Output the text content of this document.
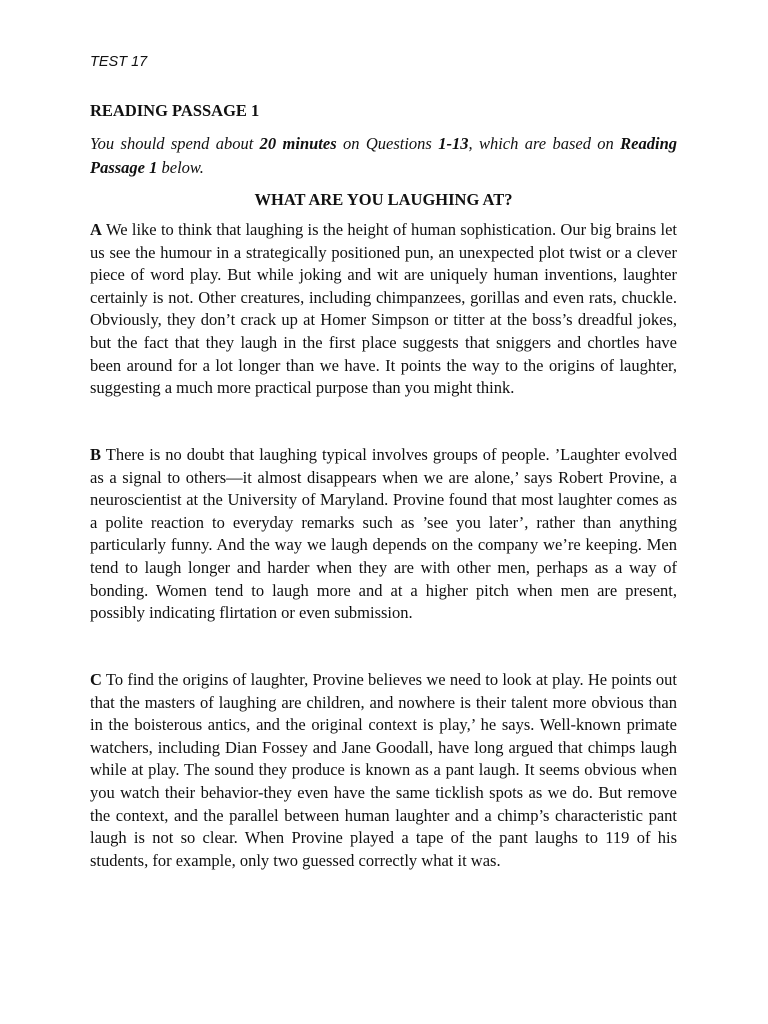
TEST 17
READING PASSAGE 1
You should spend about 20 minutes on Questions 1-13, which are based on Reading Passage 1 below.
WHAT ARE YOU LAUGHING AT?

A We like to think that laughing is the height of human sophistication. Our big brains let us see the humour in a strategically positioned pun, an unexpected plot twist or a clever piece of word play. But while joking and wit are uniquely human inventions, laughter certainly is not. Other creatures, including chimpanzees, gorillas and even rats, chuckle. Obviously, they don’t crack up at Homer Simpson or titter at the boss’s dreadful jokes, but the fact that they laugh in the first place suggests that sniggers and chortles have been around for a lot longer than we have. It points the way to the origins of laughter, suggesting a much more practical purpose than you might think.

B There is no doubt that laughing typical involves groups of people. ’Laughter evolved as a signal to others—it almost disappears when we are alone,’ says Robert Provine, a neuroscientist at the University of Maryland. Provine found that most laughter comes as a polite reaction to everyday remarks such as ’see you later’, rather than anything particularly funny. And the way we laugh depends on the company we’re keeping. Men tend to laugh longer and harder when they are with other men, perhaps as a way of bonding. Women tend to laugh more and at a higher pitch when men are present, possibly indicating flirtation or even submission.

C To find the origins of laughter, Provine believes we need to look at play. He points out that the masters of laughing are children, and nowhere is their talent more obvious than in the boisterous antics, and the original context is play,’ he says. Well-known primate watchers, including Dian Fossey and Jane Goodall, have long argued that chimps laugh while at play. The sound they produce is known as a pant laugh. It seems obvious when you watch their behavior-they even have the same ticklish spots as we do. But remove the context, and the parallel between human laughter and a chimp’s characteristic pant laugh is not so clear. When Provine played a tape of the pant laughs to 119 of his students, for example, only two guessed correctly what it was.
